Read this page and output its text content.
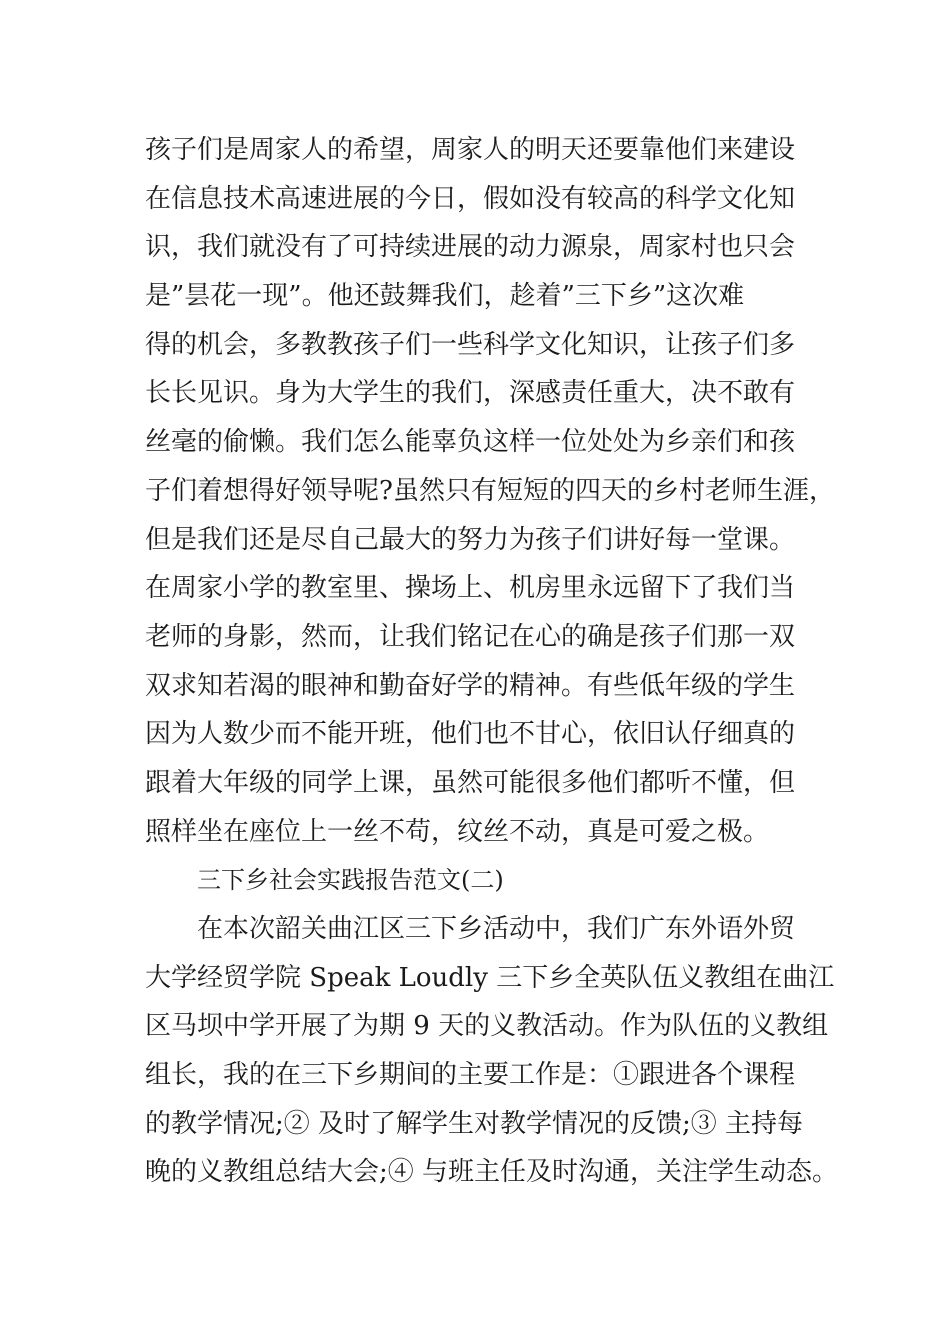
孩子们是周家人的希望，周家人的明天还要靠他们来建设
在信息技术高速进展的今日，假如没有较高的科学文化知
识，我们就没有了可持续进展的动力源泉，周家村也只会
是”昙花一现”。他还鼓舞我们，趁着”三下乡”这次难
得的机会，多教教孩子们一些科学文化知识，让孩子们多
长长见识。身为大学生的我们，深感责任重大，决不敢有
丝毫的偷懒。我们怎么能辜负这样一位处处为乡亲们和孩
子们着想得好领导呢?虽然只有短短的四天的乡村老师生涯，
但是我们还是尽自己最大的努力为孩子们讲好每一堂课。
在周家小学的教室里、操场上、机房里永远留下了我们当
老师的身影，然而，让我们铭记在心的确是孩子们那一双
双求知若渴的眼神和勤奋好学的精神。有些低年级的学生
因为人数少而不能开班，他们也不甘心，依旧认仔细真的
跟着大年级的同学上课，虽然可能很多他们都听不懂，但
照样坐在座位上一丝不苟，纹丝不动，真是可爱之极。
三下乡社会实践报告范文(二)
在本次韶关曲江区三下乡活动中，我们广东外语外贸
大学经贸学院 Speak Loudly 三下乡全英队伍义教组在曲江
区马坝中学开展了为期 9 天的义教活动。作为队伍的义教组
组长，我的在三下乡期间的主要工作是：①跟进各个课程
的教学情况;② 及时了解学生对教学情况的反馈;③ 主持每
晚的义教组总结大会;④ 与班主任及时沟通，关注学生动态。
